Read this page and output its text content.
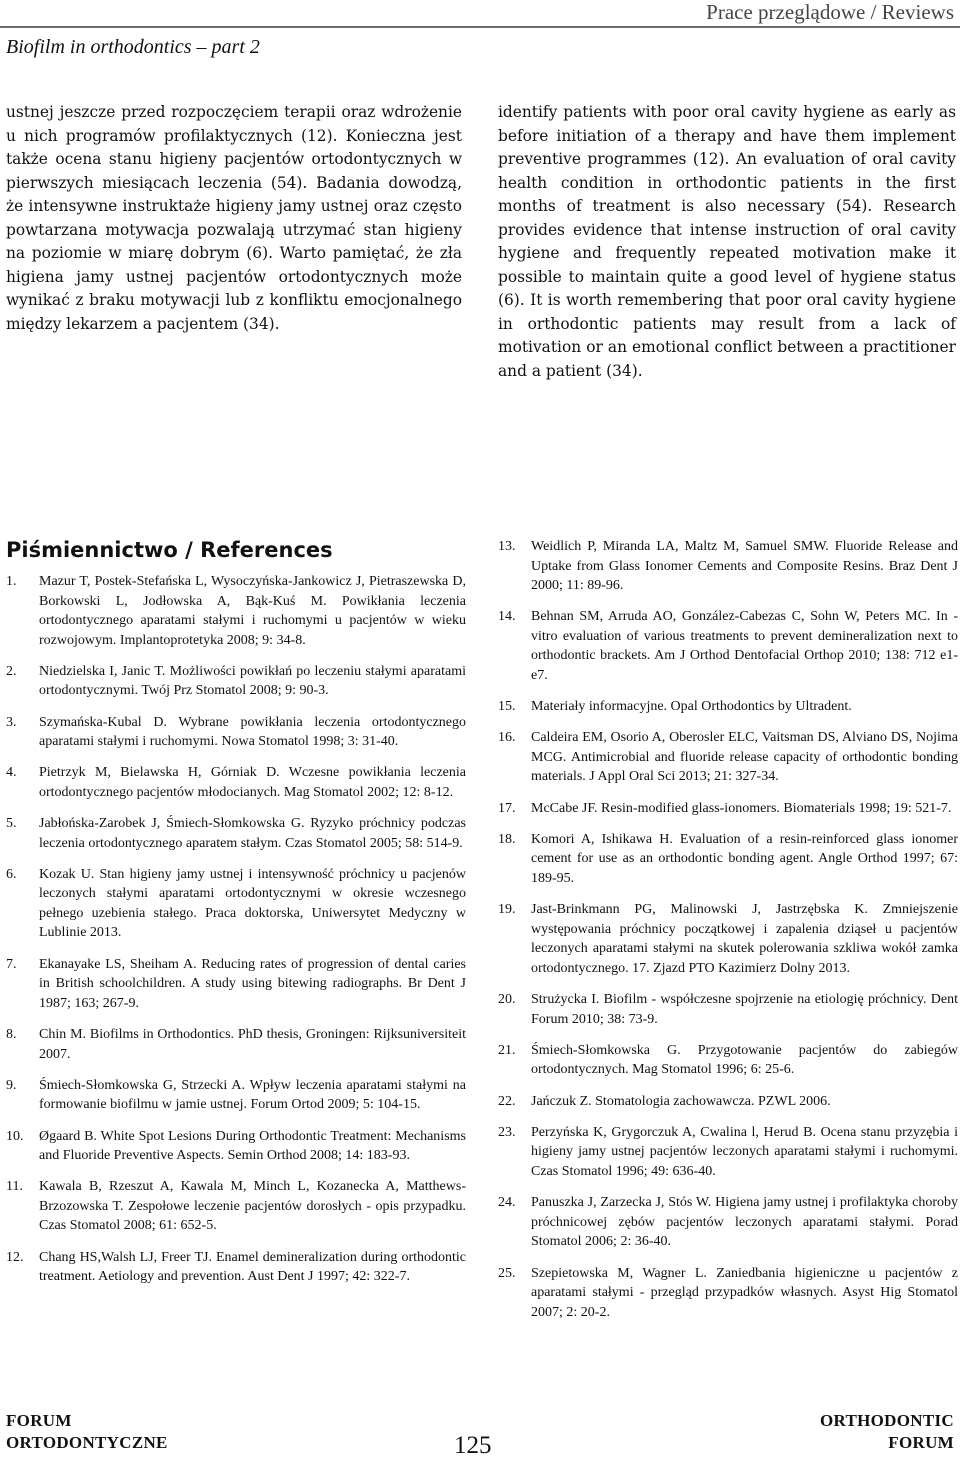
Prace przeglądowe / Reviews
Biofilm in orthodontics – part 2

ustnej jeszcze przed rozpoczęciem terapii oraz wdrożenie u nich programów profilaktycznych (12). Konieczna jest także ocena stanu higieny pacjentów ortodontycznych w pierwszych miesiącach leczenia (54). Badania dowodzą, że intensywne instruktaże higieny jamy ustnej oraz często powtarzana motywacja pozwalają utrzymać stan higieny na poziomie w miarę dobrym (6). Warto pamiętać, że zła higiena jamy ustnej pacjentów ortodontycznych może wynikać z braku motywacji lub z konfliktu emocjonalnego między lekarzem a pacjentem (34).

identify patients with poor oral cavity hygiene as early as before initiation of a therapy and have them implement preventive programmes (12). An evaluation of oral cavity health condition in orthodontic patients in the first months of treatment is also necessary (54). Research provides evidence that intense instruction of oral cavity hygiene and frequently repeated motivation make it possible to maintain quite a good level of hygiene status (6). It is worth remembering that poor oral cavity hygiene in orthodontic patients may result from a lack of motivation or an emotional conflict between a practitioner and a patient (34).

Piśmiennictwo / References
1.	Mazur T, Postek-Stefańska L, Wysoczyńska-Jankowicz J, Pietraszewska D, Borkowski L, Jodłowska A, Bąk-Kuś M. Powikłania leczenia ortodontycznego aparatami stałymi i ruchomymi u pacjentów w wieku rozwojowym. Implantoprotetyka 2008; 9: 34-8.
2.	Niedzielska I, Janic T. Możliwości powikłań po leczeniu stałymi aparatami ortodontycznymi. Twój Prz Stomatol 2008; 9: 90-3.
3.	Szymańska-Kubal D. Wybrane powikłania leczenia ortodontycznego aparatami stałymi i ruchomymi. Nowa Stomatol 1998; 3: 31-40.
4.	Pietrzyk M, Bielawska H, Górniak D. Wczesne powikłania leczenia ortodontycznego pacjentów młodocianych. Mag Stomatol 2002; 12: 8-12.
5.	Jabłońska-Zarobek J, Śmiech-Słomkowska G. Ryzyko próchnicy podczas leczenia ortodontycznego aparatem stałym. Czas Stomatol 2005; 58: 514-9.
6.	Kozak U. Stan higieny jamy ustnej i intensywność próchnicy u pacjenów leczonych stałymi aparatami ortodontycznymi w okresie wczesnego pełnego uzebienia stałego. Praca doktorska, Uniwersytet Medyczny w Lublinie 2013.
7.	Ekanayake LS, Sheiham A. Reducing rates of progression of dental caries in British schoolchildren. A study using bitewing radiographs. Br Dent J 1987; 163; 267-9.
8.	Chin M. Biofilms in Orthodontics. PhD thesis, Groningen: Rijksuniversiteit 2007.
9.	Śmiech-Słomkowska G, Strzecki A. Wpływ leczenia aparatami stałymi na formowanie biofilmu w jamie ustnej. Forum Ortod 2009; 5: 104-15.
10.	Øgaard B. White Spot Lesions During Orthodontic Treatment: Mechanisms and Fluoride Preventive Aspects. Semin Orthod 2008; 14: 183-93.
11.	Kawala B, Rzeszut A, Kawala M, Minch L, Kozanecka A, Matthews-Brzozowska T. Zespołowe leczenie pacjentów dorosłych - opis przypadku. Czas Stomatol 2008; 61: 652-5.
12.	Chang HS,Walsh LJ, Freer TJ. Enamel demineralization during orthodontic treatment. Aetiology and prevention. Aust Dent J 1997; 42: 322-7.
13.	Weidlich P, Miranda LA, Maltz M, Samuel SMW. Fluoride Release and Uptake from Glass Ionomer Cements and Composite Resins. Braz Dent J 2000; 11: 89-96.
14.	Behnan SM, Arruda AO, González-Cabezas C, Sohn W, Peters MC. In - vitro evaluation of various treatments to prevent demineralization next to orthodontic brackets. Am J Orthod Dentofacial Orthop 2010; 138: 712 e1- e7.
15.	Materiały informacyjne. Opal Orthodontics by Ultradent.
16.	Caldeira EM, Osorio A, Oberosler ELC, Vaitsman DS, Alviano DS, Nojima MCG. Antimicrobial and fluoride release capacity of orthodontic bonding materials. J Appl Oral Sci 2013; 21: 327-34.
17.	McCabe JF. Resin-modified glass-ionomers. Biomaterials 1998; 19: 521-7.
18.	Komori A, Ishikawa H. Evaluation of a resin-reinforced glass ionomer cement for use as an orthodontic bonding agent. Angle Orthod 1997; 67: 189-95.
19.	Jast-Brinkmann PG, Malinowski J, Jastrzębska K. Zmniejszenie występowania próchnicy początkowej i zapalenia dziąseł u pacjentów leczonych aparatami stałymi na skutek polerowania szkliwa wokół zamka ortodontycznego. 17. Zjazd PTO Kazimierz Dolny 2013.
20.	Strużycka I. Biofilm - współczesne spojrzenie na etiologię próchnicy. Dent Forum 2010; 38: 73-9.
21.	Śmiech-Słomkowska G. Przygotowanie pacjentów do zabiegów ortodontycznych. Mag Stomatol 1996; 6: 25-6.
22.	Jańczuk Z. Stomatologia zachowawcza. PZWL 2006.
23.	Perzyńska K, Grygorczuk A, Cwalina l, Herud B. Ocena stanu przyzębia i higieny jamy ustnej pacjentów leczonych aparatami stałymi i ruchomymi. Czas Stomatol 1996; 49: 636-40.
24.	Panuszka J, Zarzecka J, Stós W. Higiena jamy ustnej i profilaktyka choroby próchnicowej zębów pacjentów leczonych aparatami stałymi. Porad Stomatol 2006; 2: 36-40.
25.	Szepietowska M, Wagner L. Zaniedbania higieniczne u pacjentów z aparatami stałymi - przegląd przypadków własnych. Asyst Hig Stomatol 2007; 2: 20-2.
FORUM
ORTODONTYCZNE	125
ORTHODONTIC
FORUM
